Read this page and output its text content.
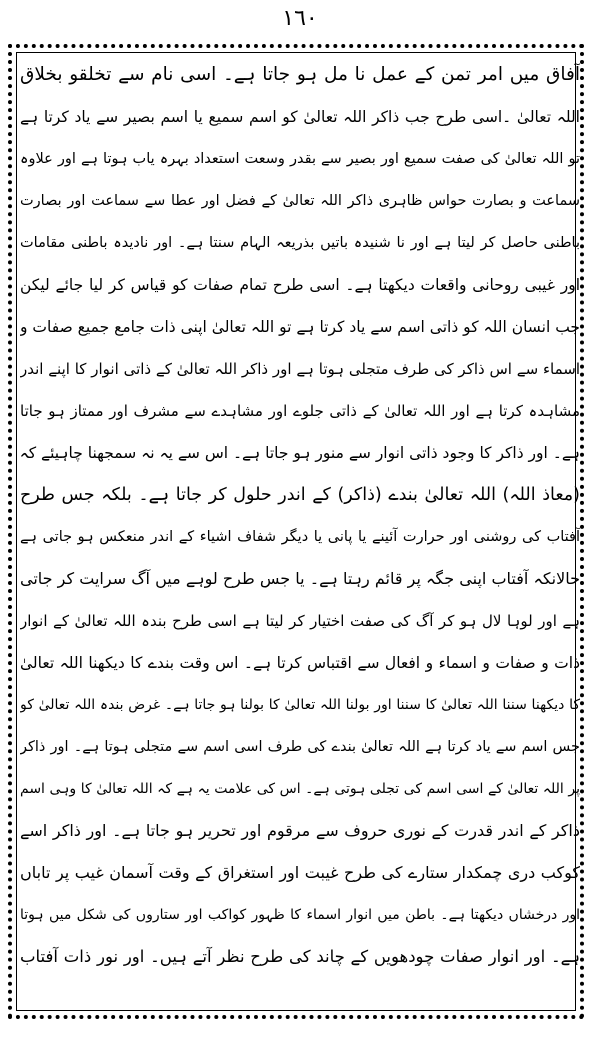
١٦٠
آفاق میں امر تمن کے عمل نا مل ہو جاتا ہے۔ اسی نام سے تخلقو بخلاق
اللہ تعالیٰ ۔اسی طرح جب ذاکر اللہ تعالیٰ کو اسم سمیع یا اسم بصیر سے یاد کرتا ہے
تو اللہ تعالیٰ کی صفت سمیع اور بصیر سے بقدر وسعت استعداد بہرہ یاب ہوتا ہے اور علاوہ
سماعت و بصارت حواس ظاہری ذاکر اللہ تعالیٰ کے فضل اور عطا سے سماعت اور بصارت
باطنی حاصل کر لیتا ہے اور نا شنیدہ باتیں بذریعہ الہام سنتا ہے۔ اور نادیدہ باطنی مقامات
اور غیبی روحانی واقعات دیکھتا ہے۔ اسی طرح تمام صفات کو قیاس کر لیا جائے لیکن
جب انسان اللہ کو ذاتی اسم سے یاد کرتا ہے تو اللہ تعالیٰ اپنی ذات جامع جمیع صفات و
اسماء سے اس ذاکر کی طرف متجلی ہوتا ہے اور ذاکر اللہ تعالیٰ کے ذاتی انوار کا اپنے اندر
مشاہدہ کرتا ہے اور اللہ تعالیٰ کے ذاتی جلوے اور مشاہدے سے مشرف اور ممتاز ہو جاتا
ہے۔ اور ذاکر کا وجود ذاتی انوار سے منور ہو جاتا ہے۔ اس سے یہ نہ سمجھنا چاہیئے کہ
(معاذ اللہ) اللہ تعالیٰ بندے (ذاکر) کے اندر حلول کر جاتا ہے۔ بلکہ جس طرح
آفتاب کی روشنی اور حرارت آئینے یا پانی یا دیگر شفاف اشیاء کے اندر منعکس ہو جاتی ہے
حالانکہ آفتاب اپنی جگہ پر قائم رہتا ہے۔ یا جس طرح لوہے میں آگ سرایت کر جاتی
ہے اور لوہا لال ہو کر آگ کی صفت اختیار کر لیتا ہے اسی طرح بندہ اللہ تعالیٰ کے انوار
ذات و صفات و اسماء و افعال سے اقتباس کرتا ہے۔ اس وقت بندے کا دیکھنا اللہ تعالیٰ
کا دیکھنا سننا اللہ تعالیٰ کا سننا اور بولنا اللہ تعالیٰ کا بولنا ہو جاتا ہے۔ غرض بندہ اللہ تعالیٰ کو
جس اسم سے یاد کرتا ہے اللہ تعالیٰ بندے کی طرف اسی اسم سے متجلی ہوتا ہے۔ اور ذاکر
پر اللہ تعالیٰ کے اسی اسم کی تجلی ہوتی ہے۔ اس کی علامت یہ ہے کہ اللہ تعالیٰ کا وہی اسم
ذاکر کے اندر قدرت کے نوری حروف سے مرقوم اور تحریر ہو جاتا ہے۔ اور ذاکر اسے
کوکب دری چمکدار ستارے کی طرح غیبت اور استغراق کے وقت آسمان غیب پر تاباں
اور درخشاں دیکھتا ہے۔ باطن میں انوار اسماء کا ظہور کواکب اور ستاروں کی شکل میں ہوتا
ہے۔ اور انوار صفات چودھویں کے چاند کی طرح نظر آتے ہیں۔ اور نور ذات آفتاب
